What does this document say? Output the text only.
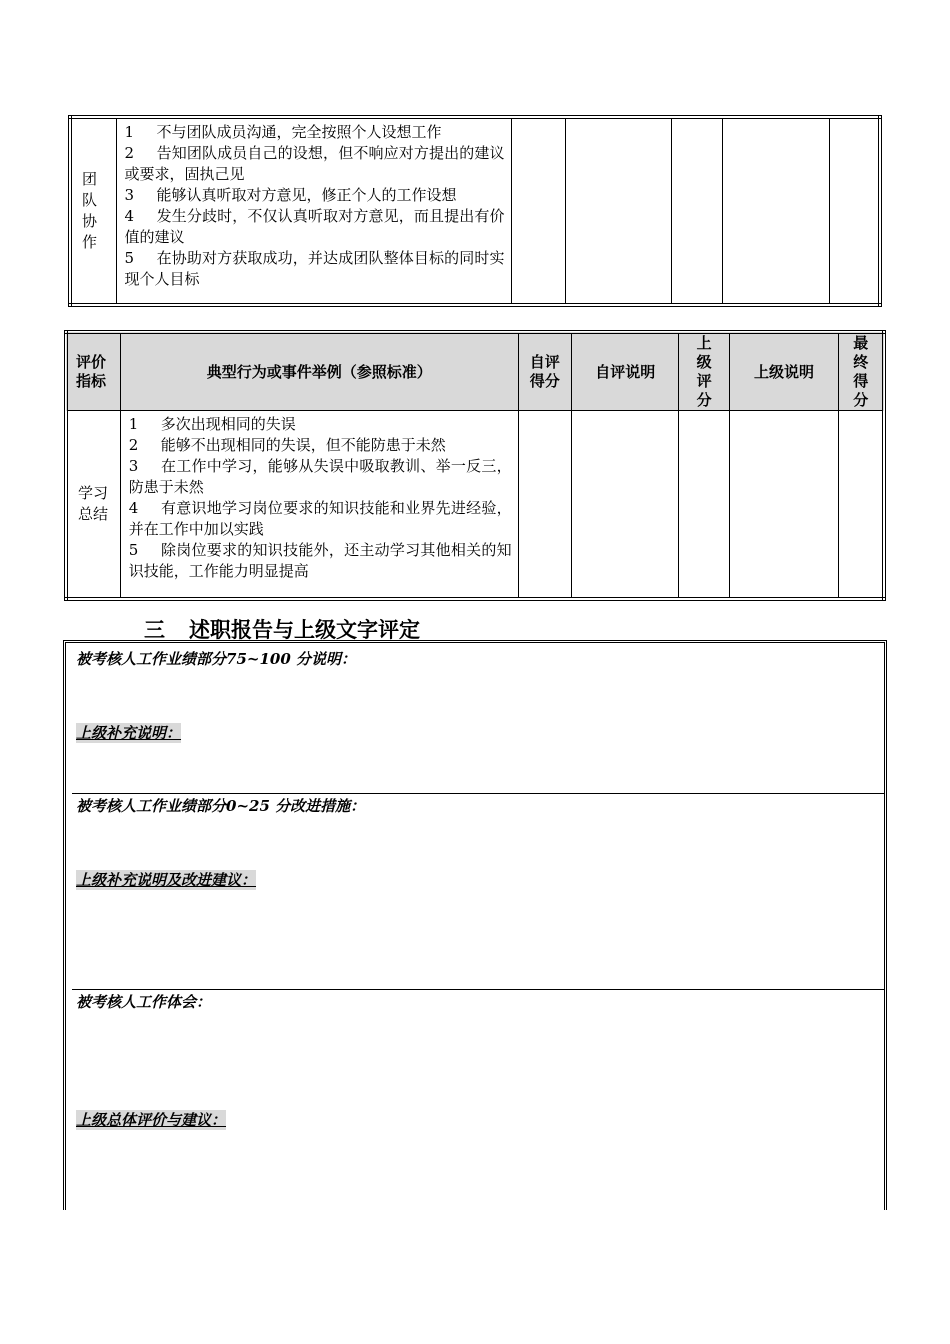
团队协作

1 不与团队成员沟通，完全按照个人设想工作
2 告知团队成员自己的设想，但不响应对方提出的建议或要求，固执己见
3 能够认真听取对方意见，修正个人的工作设想
4 发生分歧时，不仅认真听取对方意见，而且提出有价值的建议
5 在协助对方获取成功，并达成团队整体目标的同时实现个人目标

评价指标	典型行为或事件举例（参照标准）	自评得分	自评说明	上级评分	上级说明	最终得分

学习总结	1 多次出现相同的失误
2 能够不出现相同的失误，但不能防患于未然
3 在工作中学习，能够从失误中吸取教训、举一反三，防患于未然
4 有意识地学习岗位要求的知识技能和业界先进经验，并在工作中加以实践
5 除岗位要求的知识技能外，还主动学习其他相关的知识技能，工作能力明显提高					

三 述职报告与上级文字评定
被考核人工作业绩部分75~100 分说明：
上级补充说明：
被考核人工作业绩部分0~25 分改进措施：
上级补充说明及改进建议：
被考核人工作体会：
上级总体评价与建议：
